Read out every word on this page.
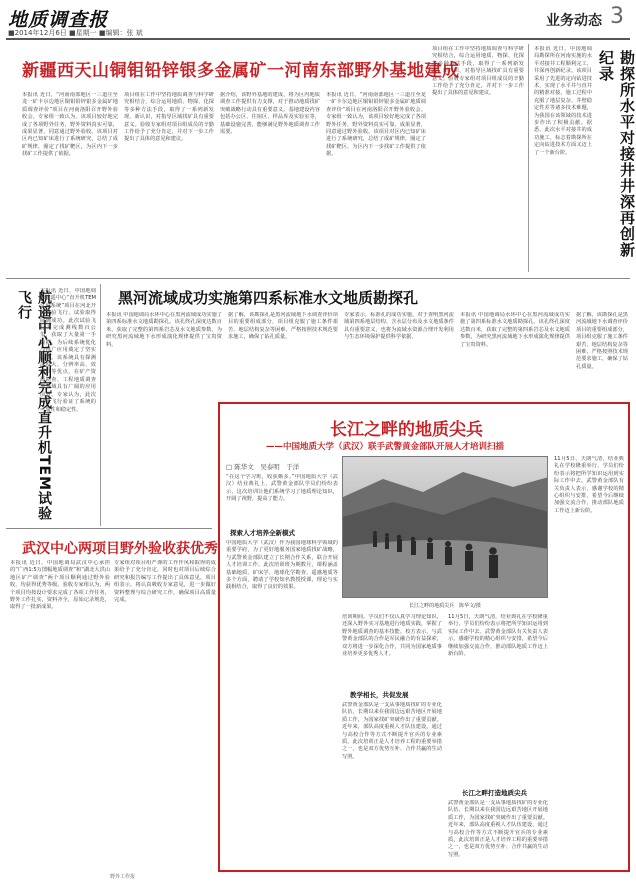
地质调查报
■2014年12月6日 ■星期一 ■编辑：张 斌
业务动态 3
新疆西天山铜钼铅锌银多金属矿一河南东部野外基地建成
本报讯 近日，“河南南部地区一三道庄至龙一矿卡尔边地区铜钼铅锌银多金属矿地质调查评价”项目在河南洛阳召开野外验收会。专家组一致认为，该项目较好地完成了各项野外任务，野外资料真实可靠，成果显著，同意通过野外验收。该项目对区内已知矿床进行了系统研究，总结了成矿规律，圈定了找矿靶区，为区内下一步找矿工作提供了依据。
项目组在工作中坚持地质调查与科学研究相结合，综合运用地质、物探、化探等多种方法手段，取得了一系列新发现，新认识，对指导区域找矿具有重要意义。验收专家组对项目组成员的辛勤工作给予了充分肯定，并对下一步工作提出了具体的意见和建议。
据介绍，该野外基地的建成，将为区内地质调查工作提供有力支撑，对于推动地质找矿突破战略行动具有重要意义。基地建设内容包括办公区、住宿区、样品库及实验室等，基础设施完善，能够满足野外地质调查工作需要。
本报讯 近日，“河南南部地区一三道庄至龙一矿卡尔边地区铜钼铅锌银多金属矿地质调查评价”项目在河南洛阳召开野外验收会。专家组一致认为，该项目较好地完成了各项野外任务，野外资料真实可靠，成果显著，同意通过野外验收。该项目对区内已知矿床进行了系统研究，总结了成矿规律，圈定了找矿靶区，为区内下一步找矿工作提供了依据。
项目组在工作中坚持地质调查与科学研究相结合，综合运用地质、物探、化探等多种方法手段，取得了一系列新发现，新认识，对指导区域找矿具有重要意义。验收专家组对项目组成员的辛勤工作给予了充分肯定，并对下一步工作提出了具体的意见和建议。	勘探所水平对接井井深再创新纪录
本报讯 近日，中国地调局勘探所在河南实施的水平对接井工程顺利完工，井深再创新纪录。该项目采用了先进的定向钻进技术，实现了水平井与直井的精准对接，施工过程中克服了地层复杂、井壁稳定性差等诸多技术难题，为我国在该领域的技术进步作出了积极贡献。据悉，此次水平对接井的成功施工，标志着勘探所在定向钻进技术方面又迈上了一个新台阶。
航遥中心顺利完成直升机TEM试验飞行	本报讯 近日，中国地调局航遥中心“直升机TEM试验系统”项目在河北开展试验飞行，试验取得圆满成功。此次试验飞行共完成测线数百公里，获取了大量第一手数据，为后续系统优化与推广应用奠定了坚实基础。该系统具有探测深度大、分辨率高、效率高等优点，在矿产资源勘查、工程地质调查等领域具有广阔的应用前景。专家认为，此次试验飞行验证了系统的可靠性和稳定性。
黑河流域成功实施第四系标准水文地质勘探孔
本报讯 中国地调局水环中心在黑河流域成功实施了第四系标准水文地质勘探孔。该孔终孔深度达数百米，获取了完整的第四系岩芯及水文地质参数，为研究黑河流域地下水形成演化规律提供了宝贵资料。
据了解，该勘探孔是黑河流域地下水调查评价项目的重要组成部分，项目组克服了施工条件艰苦、地层结构复杂等困难，严格按照技术规范要求施工，确保了钻孔质量。
专家表示，标准孔的成功实施，对于查明黑河流域第四系地层结构、含水层分布及水文地质条件具有重要意义，也将为流域水资源合理开发利用与生态环境保护提供科学依据。
本报讯 中国地调局水环中心在黑河流域成功实施了第四系标准水文地质勘探孔。该孔终孔深度达数百米，获取了完整的第四系岩芯及水文地质参数，为研究黑河流域地下水形成演化规律提供了宝贵资料。
据了解，该勘探孔是黑河流域地下水调查评价项目的重要组成部分，项目组克服了施工条件艰苦、地层结构复杂等困难，严格按照技术规范要求施工，确保了钻孔质量。
武汉中心两项目野外验收获优秀
本报讯 近日，中国地调局武汉中心承担的“广西1:5万图幅地质调查”和“湖北大洪山地区矿产调查”两个项目顺利通过野外验收，均获得优秀等级。验收专家组认为，两个项目均按设计要求完成了各项工作任务，野外工作扎实，资料齐全，原始记录规范，取得了一批新成果。
专家组对项目组严谨的工作作风和取得的成果给予了充分肯定，同时也对项目后续综合研究和报告编写工作提出了具体意见。项目组表示，将认真吸收专家意见，进一步做好资料整理与综合研究工作，确保项目高质量完成。
长江之畔的地质尖兵
——中国地质大学（武汉）联手武警黄金部队开展人才培训扫描
□ 陈华文　吴泰明　于洋
“在这个学习班，收获颇多。”中国地质大学（武汉）结业典礼上，武警黄金部队学员们纷纷表示，这次培训让他们系统学习了地质理论知识，开阔了视野，提高了能力。
长江之畔的地质尖兵　陈华文/摄
探索人才培养全新模式
中国地质大学（武汉）作为我国地球科学领域的重要学府，为了更好地服务国家地质找矿战略，与武警黄金部队建立了长期合作关系，联合开展人才培训工作。此次培训班为期数月，课程涵盖基础地质、矿床学、地球化学勘查、遥感地质等多个方面，聘请了学校知名教授授课，理论与实践相结合，取得了良好的效果。
教学相长，共促发展
培训期间，学员们不仅认真学习理论知识，还深入野外实习基地进行地质实践，掌握了野外地质调查的基本技能。校方表示，与武警黄金部队的合作是军民融合的有益探索，双方将进一步深化合作，共同为国家地质事业培养更多优秀人才。
武警黄金部队是一支从事地质找矿的专业化队伍，长期以来在我国边远艰苦地区开展地质工作，为国家找矿突破作出了重要贡献。近年来，部队高度重视人才队伍建设，通过与高校合作等方式不断提升官兵的专业素质，此次培训正是人才培养工程的重要举措之一，也是双方优势互补、合作共赢的生动写照。
11月5日，天朗气清，结业典礼在学校隆重举行，学员们纷纷表示将把所学知识运用到实际工作中去。武警黄金部队有关负责人表示，感谢学校的精心组织与安排，希望今后继续加强交流合作，推动部队地质工作迈上新台阶。
长江之畔打造地质尖兵
武警黄金部队是一支从事地质找矿的专业化队伍，长期以来在我国边远艰苦地区开展地质工作，为国家找矿突破作出了重要贡献。近年来，部队高度重视人才队伍建设，通过与高校合作等方式不断提升官兵的专业素质，此次培训正是人才培养工程的重要举措之一，也是双方优势互补、合作共赢的生动写照。
11月5日，天朗气清，结业典礼在学校隆重举行，学员们纷纷表示将把所学知识运用到实际工作中去。武警黄金部队有关负责人表示，感谢学校的精心组织与安排，希望今后继续加强交流合作，推动部队地质工作迈上新台阶。
野外工作报
